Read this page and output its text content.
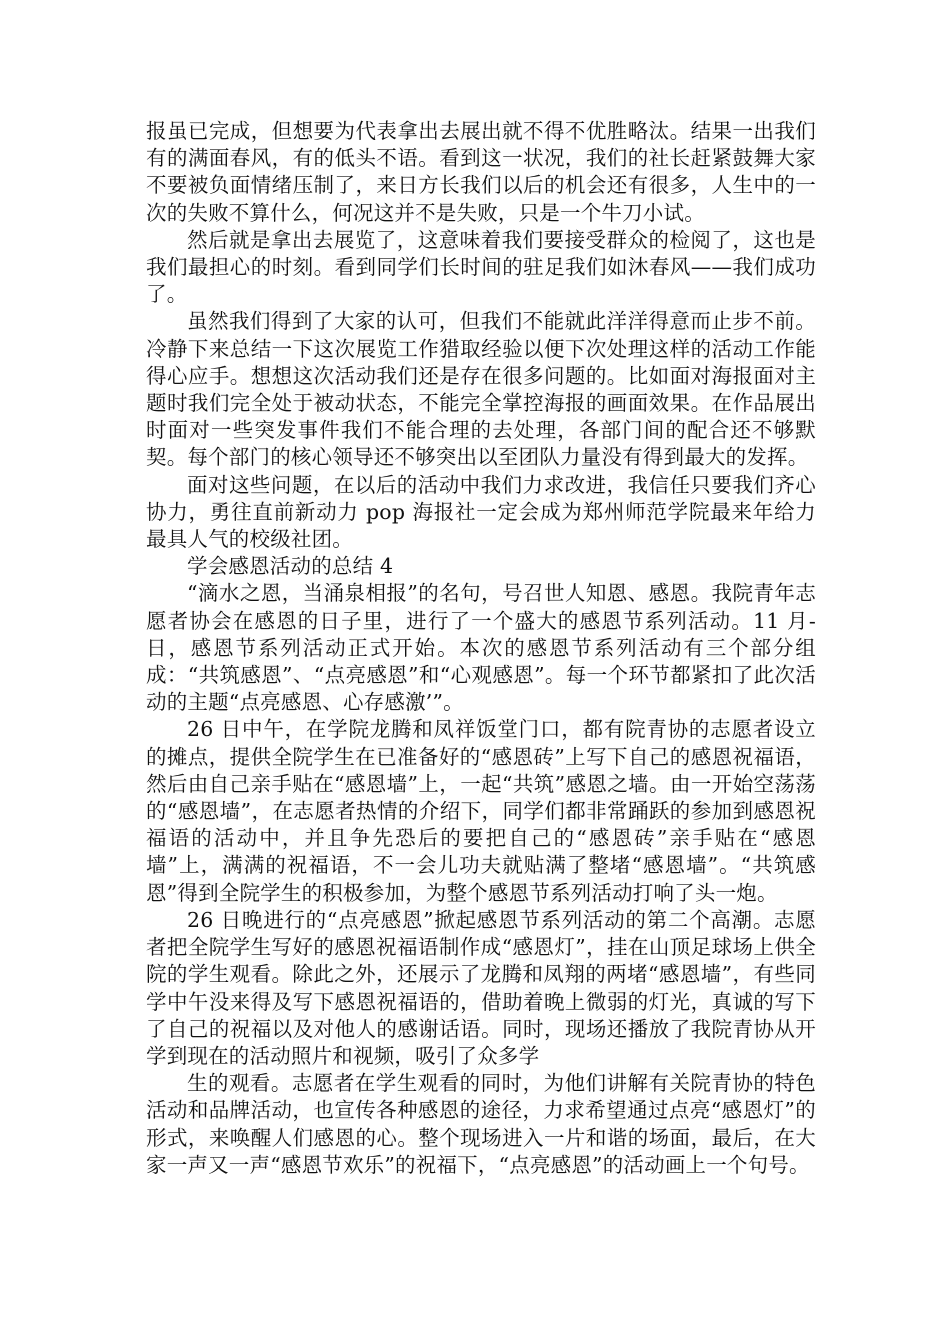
报虽已完成，但想要为代表拿出去展出就不得不优胜略汰。结果一出我们有的满面春风，有的低头不语。看到这一状况，我们的社长赶紧鼓舞大家不要被负面情绪压制了，来日方长我们以后的机会还有很多，人生中的一次的失败不算什么，何况这并不是失败，只是一个牛刀小试。

然后就是拿出去展览了，这意味着我们要接受群众的检阅了，这也是我们最担心的时刻。看到同学们长时间的驻足我们如沐春风——我们成功了。

虽然我们得到了大家的认可，但我们不能就此洋洋得意而止步不前。冷静下来总结一下这次展览工作猎取经验以便下次处理这样的活动工作能得心应手。想想这次活动我们还是存在很多问题的。比如面对海报面对主题时我们完全处于被动状态，不能完全掌控海报的画面效果。在作品展出时面对一些突发事件我们不能合理的去处理，各部门间的配合还不够默契。每个部门的核心领导还不够突出以至团队力量没有得到最大的发挥。

面对这些问题，在以后的活动中我们力求改进，我信任只要我们齐心协力，勇往直前新动力 pop 海报社一定会成为郑州师范学院最来年给力最具人气的校级社团。

学会感恩活动的总结 4

“滴水之恩，当涌泉相报”的名句，号召世人知恩、感恩。我院青年志愿者协会在感恩的日子里，进行了一个盛大的感恩节系列活动。11 月-日，感恩节系列活动正式开始。本次的感恩节系列活动有三个部分组成：“共筑感恩”、“点亮感恩”和“心观感恩”。每一个环节都紧扣了此次活动的主题“点亮感恩、心存感激’”。

26 日中午，在学院龙腾和凤祥饭堂门口，都有院青协的志愿者设立的摊点，提供全院学生在已准备好的“感恩砖”上写下自己的感恩祝福语，然后由自己亲手贴在“感恩墙”上，一起“共筑”感恩之墙。由一开始空荡荡的“感恩墙”，在志愿者热情的介绍下，同学们都非常踊跃的参加到感恩祝福语的活动中，并且争先恐后的要把自己的“感恩砖”亲手贴在“感恩墙”上，满满的祝福语，不一会儿功夫就贴满了整堵“感恩墙”。“共筑感恩”得到全院学生的积极参加，为整个感恩节系列活动打响了头一炮。

26 日晚进行的“点亮感恩”掀起感恩节系列活动的第二个高潮。志愿者把全院学生写好的感恩祝福语制作成“感恩灯”，挂在山顶足球场上供全院的学生观看。除此之外，还展示了龙腾和凤翔的两堵“感恩墙”，有些同学中午没来得及写下感恩祝福语的，借助着晚上微弱的灯光，真诚的写下了自己的祝福以及对他人的感谢话语。同时，现场还播放了我院青协从开学到现在的活动照片和视频，吸引了众多学

生的观看。志愿者在学生观看的同时，为他们讲解有关院青协的特色活动和品牌活动，也宣传各种感恩的途径，力求希望通过点亮“感恩灯”的形式，来唤醒人们感恩的心。整个现场进入一片和谐的场面，最后，在大家一声又一声“感恩节欢乐”的祝福下，“点亮感恩”的活动画上一个句号。
